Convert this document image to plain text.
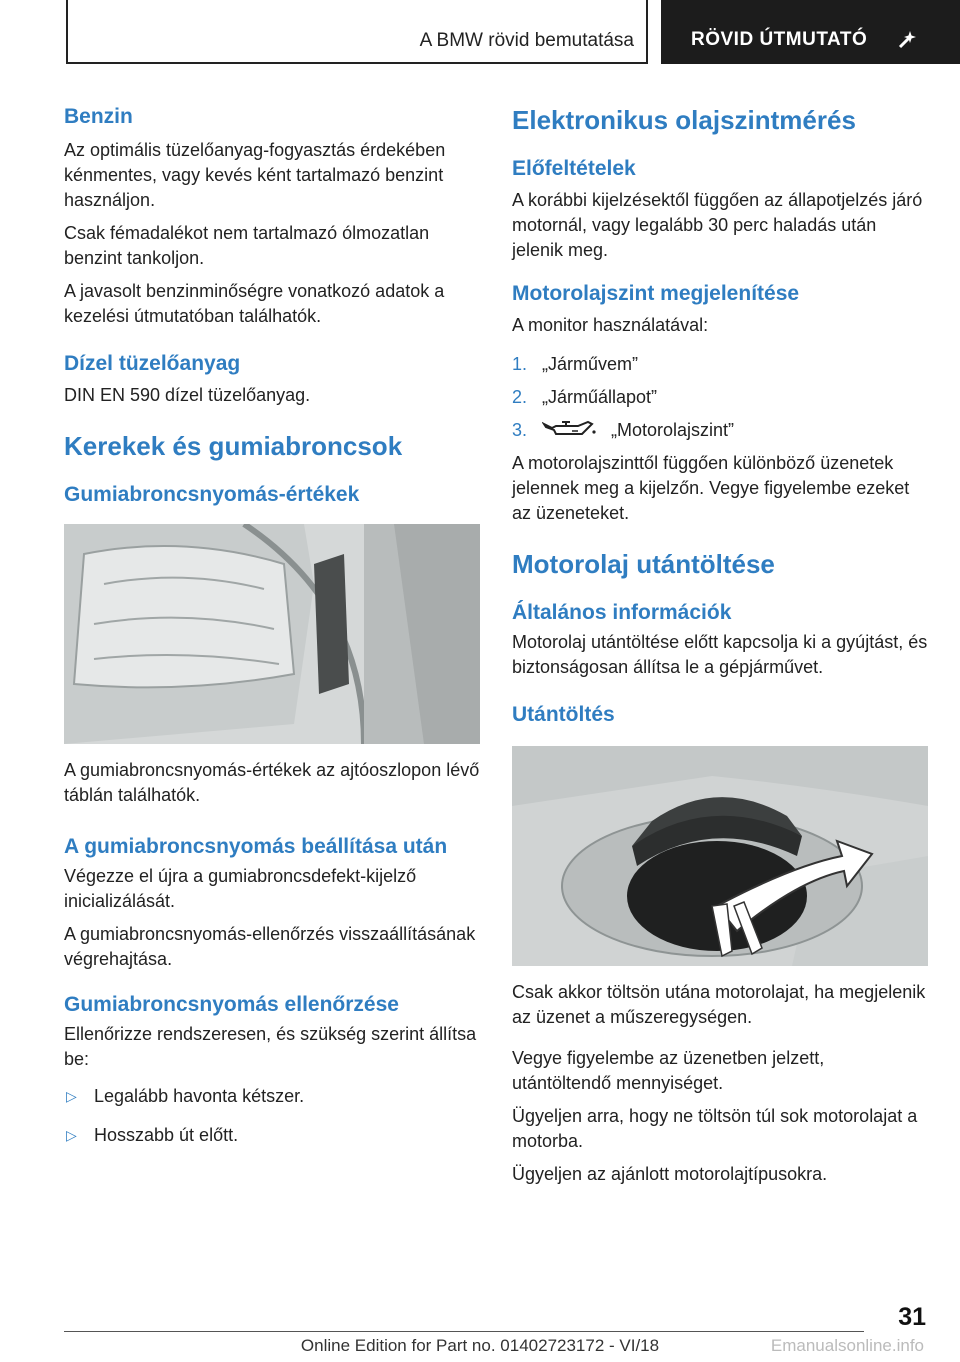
A BMW rövid bemutatása	RÖVID ÚTMUTATÓ
Benzin

Az optimális tüzelőanyag-fogyasztás érdekében kénmentes, vagy kevés ként tartalmazó benzint használjon.

Csak fémadalékot nem tartalmazó ólmozatlan benzint tankoljon.

A javasolt benzinminőségre vonatkozó adatok a kezelési útmutatóban találhatók.

Dízel tüzelőanyag

DIN EN 590 dízel tüzelőanyag.

Kerekek és gumiabroncsok
Gumiabroncsnyomás-értékek

A gumiabroncsnyomás-értékek az ajtóoszlopon lévő táblán találhatók.

A gumiabroncsnyomás beállítása után

Végezze el újra a gumiabroncsdefekt-kijelző inicializálását.

A gumiabroncsnyomás-ellenőrzés visszaállításának végrehajtása.

Gumiabroncsnyomás ellenőrzése

Ellenőrizze rendszeresen, és szükség szerint állítsa be:

▷ Legalább havonta kétszer.
▷ Hosszabb út előtt.
Elektronikus olajszintmérés
Előfeltételek

A korábbi kijelzésektől függően az állapotjelzés járó motornál, vagy legalább 30 perc haladás után jelenik meg.

Motorolajszint megjelenítése

A monitor használatával:

1. „Járművem”
2. „Járműállapot”
3.	„Motorolajszint”

A motorolajszinttől függően különböző üzenetek jelennek meg a kijelzőn. Vegye figyelembe ezeket az üzeneteket.

Motorolaj utántöltése
Általános információk

Motorolaj utántöltése előtt kapcsolja ki a gyújtást, és biztonságosan állítsa le a gépjárművet.

Utántöltés

Csak akkor töltsön utána motorolajat, ha megjelenik az üzenet a műszeregységen.

Vegye figyelembe az üzenetben jelzett, utántöltendő mennyiséget.

Ügyeljen arra, hogy ne töltsön túl sok motorolajat a motorba.

Ügyeljen az ajánlott motorolajtípusokra.

31
Online Edition for Part no. 01402723172 - VI/18	Emanualsonline.info
